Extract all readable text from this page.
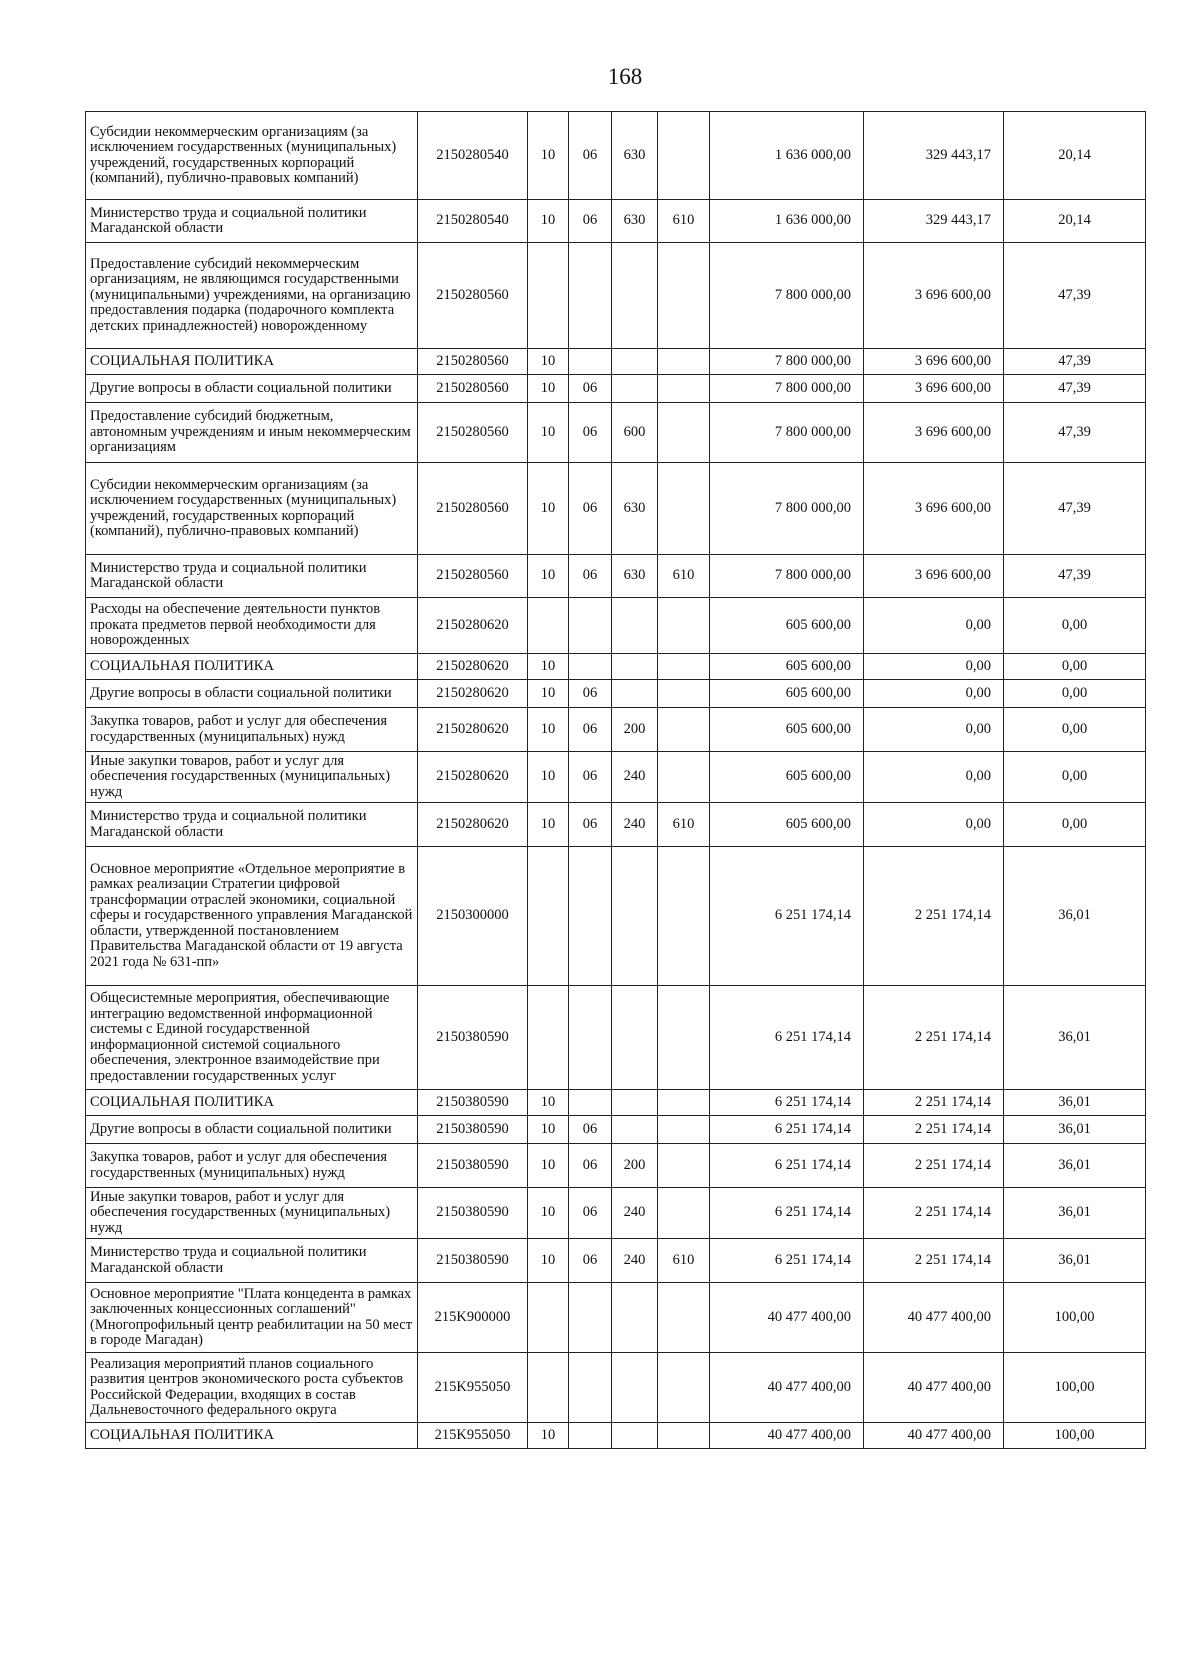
168
Субсидии некоммерческим организациям (за исключением государственных (муниципальных) учреждений, государственных корпораций (компаний), публично-правовых компаний)	2150280540	10	06	630		1 636 000,00	329 443,17	20,14
Министерство труда и социальной политики Магаданской области	2150280540	10	06	630	610	1 636 000,00	329 443,17	20,14
Предоставление субсидий некоммерческим организациям, не являющимся государственными (муниципальными) учреждениями, на организацию предоставления подарка (подарочного комплекта детских принадлежностей) новорожденному	2150280560					7 800 000,00	3 696 600,00	47,39
СОЦИАЛЬНАЯ ПОЛИТИКА	2150280560	10				7 800 000,00	3 696 600,00	47,39
Другие вопросы в области социальной политики	2150280560	10	06			7 800 000,00	3 696 600,00	47,39
Предоставление субсидий бюджетным, автономным учреждениям и иным некоммерческим организациям	2150280560	10	06	600		7 800 000,00	3 696 600,00	47,39
Субсидии некоммерческим организациям (за исключением государственных (муниципальных) учреждений, государственных корпораций (компаний), публично-правовых компаний)	2150280560	10	06	630		7 800 000,00	3 696 600,00	47,39
Министерство труда и социальной политики Магаданской области	2150280560	10	06	630	610	7 800 000,00	3 696 600,00	47,39
Расходы на обеспечение деятельности пунктов проката предметов первой необходимости для новорожденных	2150280620					605 600,00	0,00	0,00
СОЦИАЛЬНАЯ ПОЛИТИКА	2150280620	10				605 600,00	0,00	0,00
Другие вопросы в области социальной политики	2150280620	10	06			605 600,00	0,00	0,00
Закупка товаров, работ и услуг для обеспечения государственных (муниципальных) нужд	2150280620	10	06	200		605 600,00	0,00	0,00
Иные закупки товаров, работ и услуг для обеспечения государственных (муниципальных) нужд	2150280620	10	06	240		605 600,00	0,00	0,00
Министерство труда и социальной политики Магаданской области	2150280620	10	06	240	610	605 600,00	0,00	0,00
Основное мероприятие «Отдельное мероприятие в рамках реализации Стратегии цифровой трансформации отраслей экономики, социальной сферы и государственного управления Магаданской области, утвержденной постановлением Правительства Магаданской области от 19 августа 2021 года № 631-пп»	2150300000					6 251 174,14	2 251 174,14	36,01
Общесистемные мероприятия, обеспечивающие интеграцию ведомственной информационной системы с Единой государственной информационной системой социального обеспечения, электронное взаимодействие при предоставлении государственных услуг	2150380590					6 251 174,14	2 251 174,14	36,01
СОЦИАЛЬНАЯ ПОЛИТИКА	2150380590	10				6 251 174,14	2 251 174,14	36,01
Другие вопросы в области социальной политики	2150380590	10	06			6 251 174,14	2 251 174,14	36,01
Закупка товаров, работ и услуг для обеспечения государственных (муниципальных) нужд	2150380590	10	06	200		6 251 174,14	2 251 174,14	36,01
Иные закупки товаров, работ и услуг для обеспечения государственных (муниципальных) нужд	2150380590	10	06	240		6 251 174,14	2 251 174,14	36,01
Министерство труда и социальной политики Магаданской области	2150380590	10	06	240	610	6 251 174,14	2 251 174,14	36,01
Основное мероприятие "Плата концедента в рамках заключенных концессионных соглашений" (Многопрофильный центр реабилитации на 50 мест в городе Магадан)	215K900000					40 477 400,00	40 477 400,00	100,00
Реализация мероприятий планов социального развития центров экономического роста субъектов Российской Федерации, входящих в состав Дальневосточного федерального округа	215K955050					40 477 400,00	40 477 400,00	100,00
СОЦИАЛЬНАЯ ПОЛИТИКА	215K955050	10				40 477 400,00	40 477 400,00	100,00
